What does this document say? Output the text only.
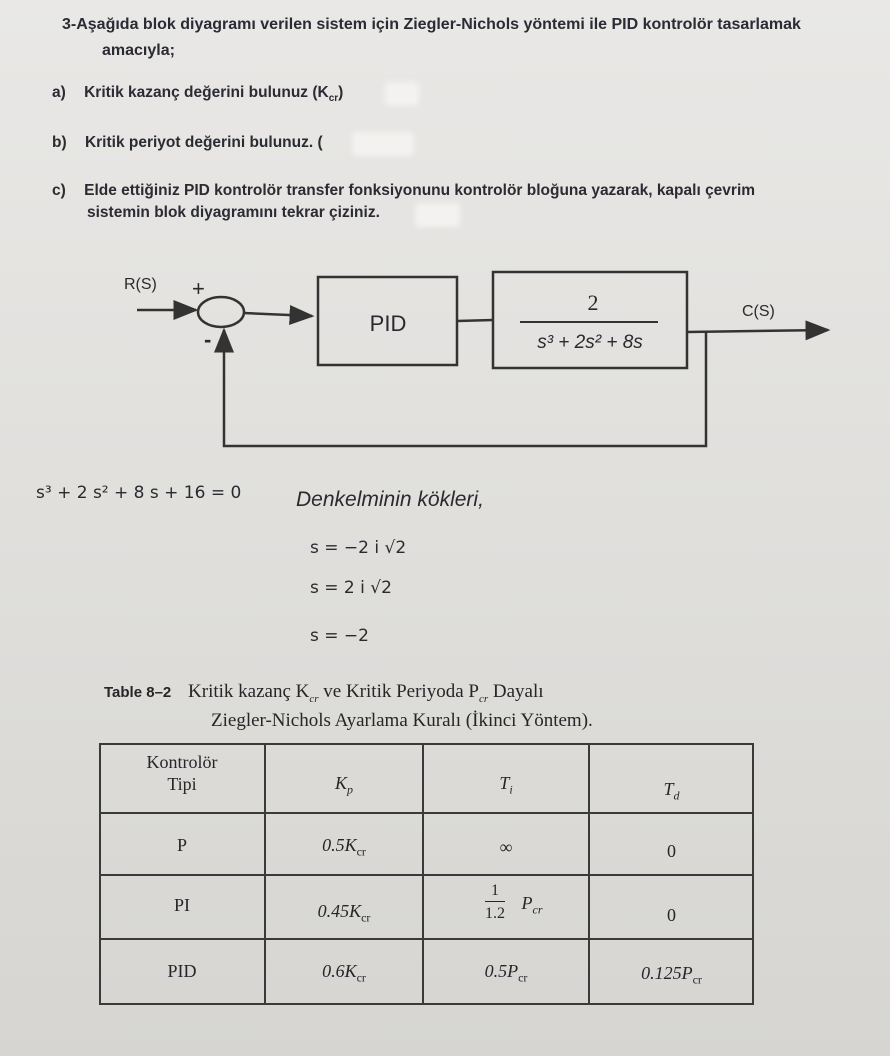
3-Aşağıda blok diyagramı verilen sistem için Ziegler-Nichols yöntemi ile PID kontrolör tasarlamak
amacıyla;
a) Kritik kazanç değerini bulunuz $(K_{cr})$
b) Kritik periyot değerini bulunuz. (
c) Elde ettiğiniz PID kontrolör transfer fonksiyonunu kontrolör bloğuna yazarak, kapalı çevrim
sistemin blok diyagramını tekrar çiziniz.
R(S) +
-
PID
2
s³ + 2s² + 8s
C(S)
s³ + 2 s² + 8 s + 16 = 0	Denkelminin kökleri,
s = −2 i √2
s = 2 i √2
s = −2
Table 8–2 Kritik kazanç $K_{cr}$ ve Kritik Periyoda $P_{cr}$ Dayalı
Ziegler-Nichols Ayarlama Kuralı (İkinci Yöntem).
Kontrolör
Tipi	$K_p$	$T_i$	$T_d$
P	$0.5K_{cr}$	∞	0
PI	$0.45K_{cr}$	$\frac{1}{1.2} P_{cr}$	0
PID	$0.6K_{cr}$	$0.5P_{cr}$	$0.125P_{cr}$
